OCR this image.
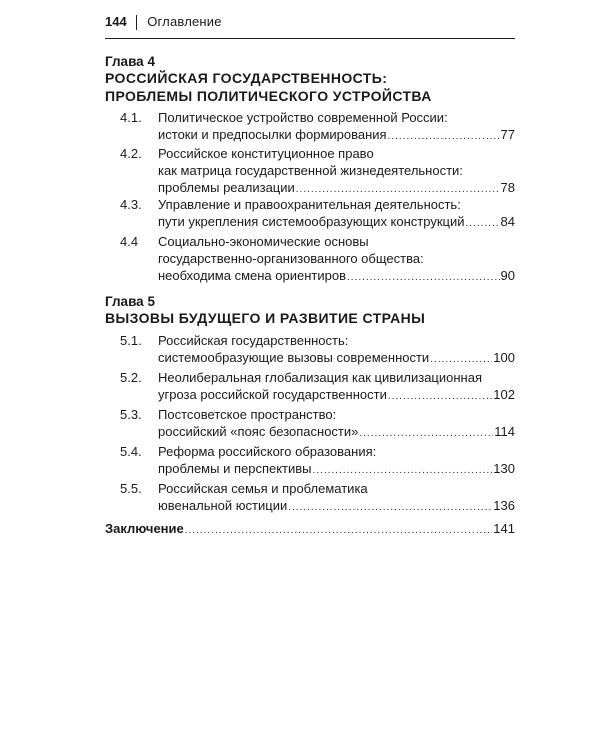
144 Оглавление
Глава 4
РОССИЙСКАЯ ГОСУДАРСТВЕННОСТЬ:
ПРОБЛЕМЫ ПОЛИТИЧЕСКОГО УСТРОЙСТВА
4.1. Политическое устройство современной России:
истоки и предпосылки формирования .....	77
4.2. Российское конституционное право
как матрица государственной жизнедеятельности:
проблемы реализации .....	78
4.3. Управление и правоохранительная деятельность:
пути укрепления системообразующих конструкций .....	84
4.4 Социально-экономические основы
государственно-организованного общества:
необходима смена ориентиров .....	90
Глава 5
ВЫЗОВЫ БУДУЩЕГО И РАЗВИТИЕ СТРАНЫ
5.1. Российская государственность:
системообразующие вызовы современности .....	100
5.2. Неолиберальная глобализация как цивилизационная
угроза российской государственности .....	102
5.3. Постсоветское пространство:
российский «пояс безопасности» .....	114
5.4. Реформа российского образования:
проблемы и перспективы .....	130
5.5. Российская семья и проблематика
ювенальной юстиции .....	136
Заключение .....	141
